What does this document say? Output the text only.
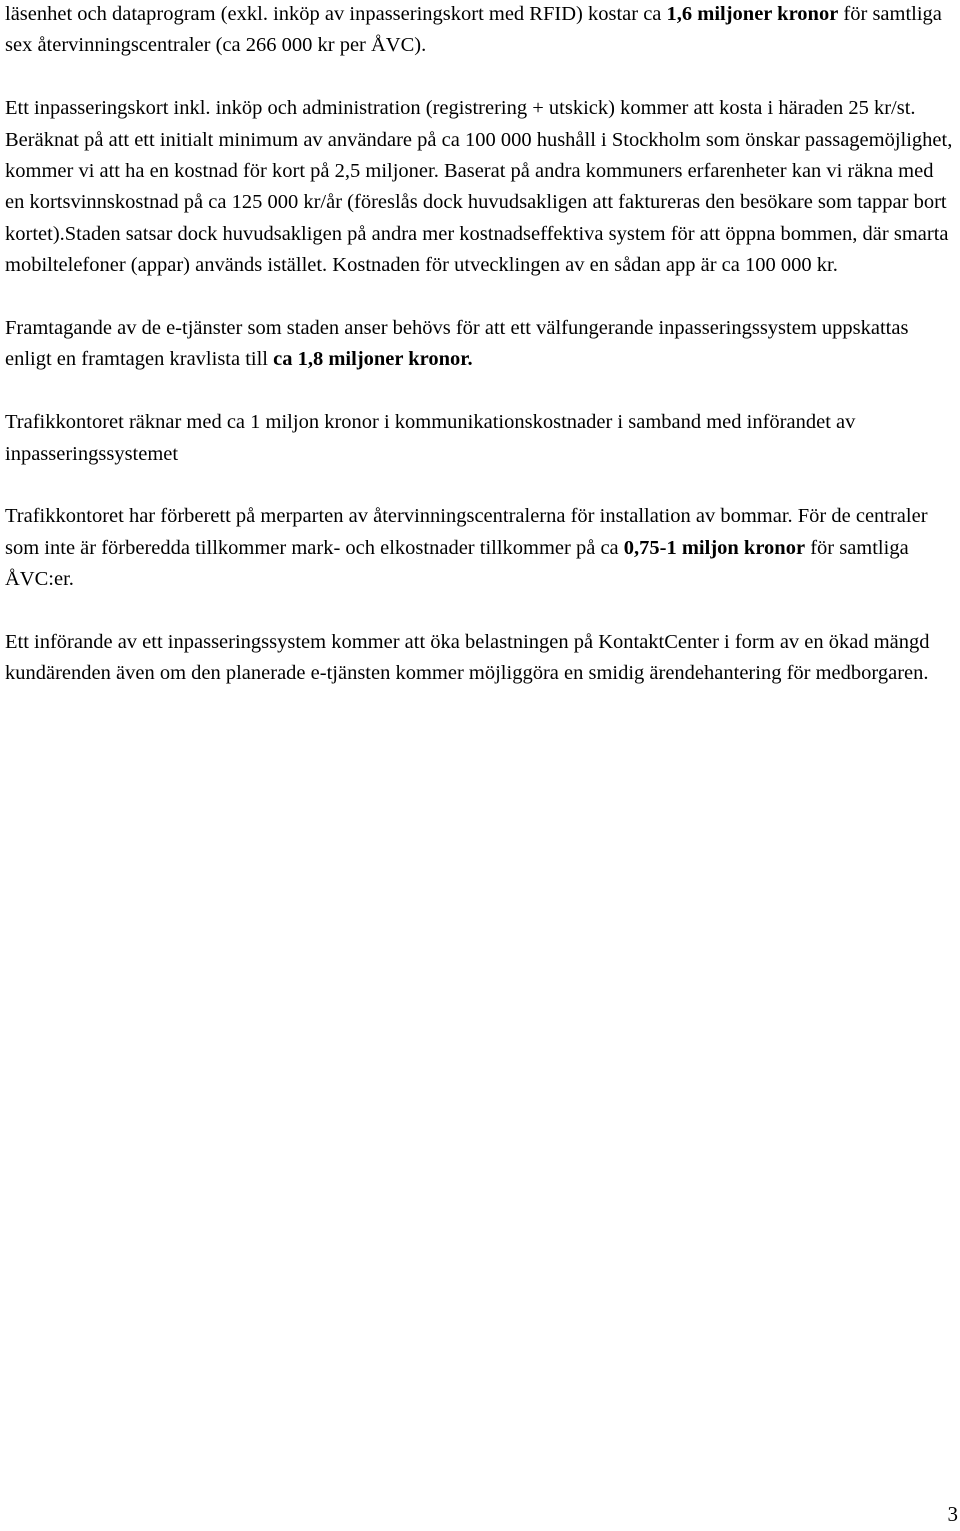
läsenhet och dataprogram (exkl. inköp av inpasseringskort med RFID) kostar ca 1,6 miljoner kronor för samtliga sex återvinningscentraler (ca 266 000 kr per ÅVC).

Ett inpasseringskort inkl. inköp och administration (registrering + utskick) kommer att kosta i häraden 25 kr/st. Beräknat på att ett initialt minimum av användare på ca 100 000 hushåll i Stockholm som önskar passagemöjlighet, kommer vi att ha en kostnad för kort på 2,5 miljoner. Baserat på andra kommuners erfarenheter kan vi räkna med en kortsvinnskostnad på ca 125 000 kr/år (föreslås dock huvudsakligen att faktureras den besökare som tappar bort kortet).Staden satsar dock huvudsakligen på andra mer kostnadseffektiva system för att öppna bommen, där smarta mobiltelefoner (appar) används istället. Kostnaden för utvecklingen av en sådan app är ca 100 000 kr.

Framtagande av de e-tjänster som staden anser behövs för att ett välfungerande inpasseringssystem uppskattas enligt en framtagen kravlista till ca 1,8 miljoner kronor.

Trafikkontoret räknar med ca 1 miljon kronor i kommunikationskostnader i samband med införandet av inpasseringssystemet

Trafikkontoret har förberett på merparten av återvinningscentralerna för installation av bommar. För de centraler som inte är förberedda tillkommer mark- och elkostnader tillkommer på ca 0,75-1 miljon kronor för samtliga ÅVC:er.

Ett införande av ett inpasseringssystem kommer att öka belastningen på KontaktCenter i form av en ökad mängd kundärenden även om den planerade e-tjänsten kommer möjliggöra en smidig ärendehantering för medborgaren.

3
